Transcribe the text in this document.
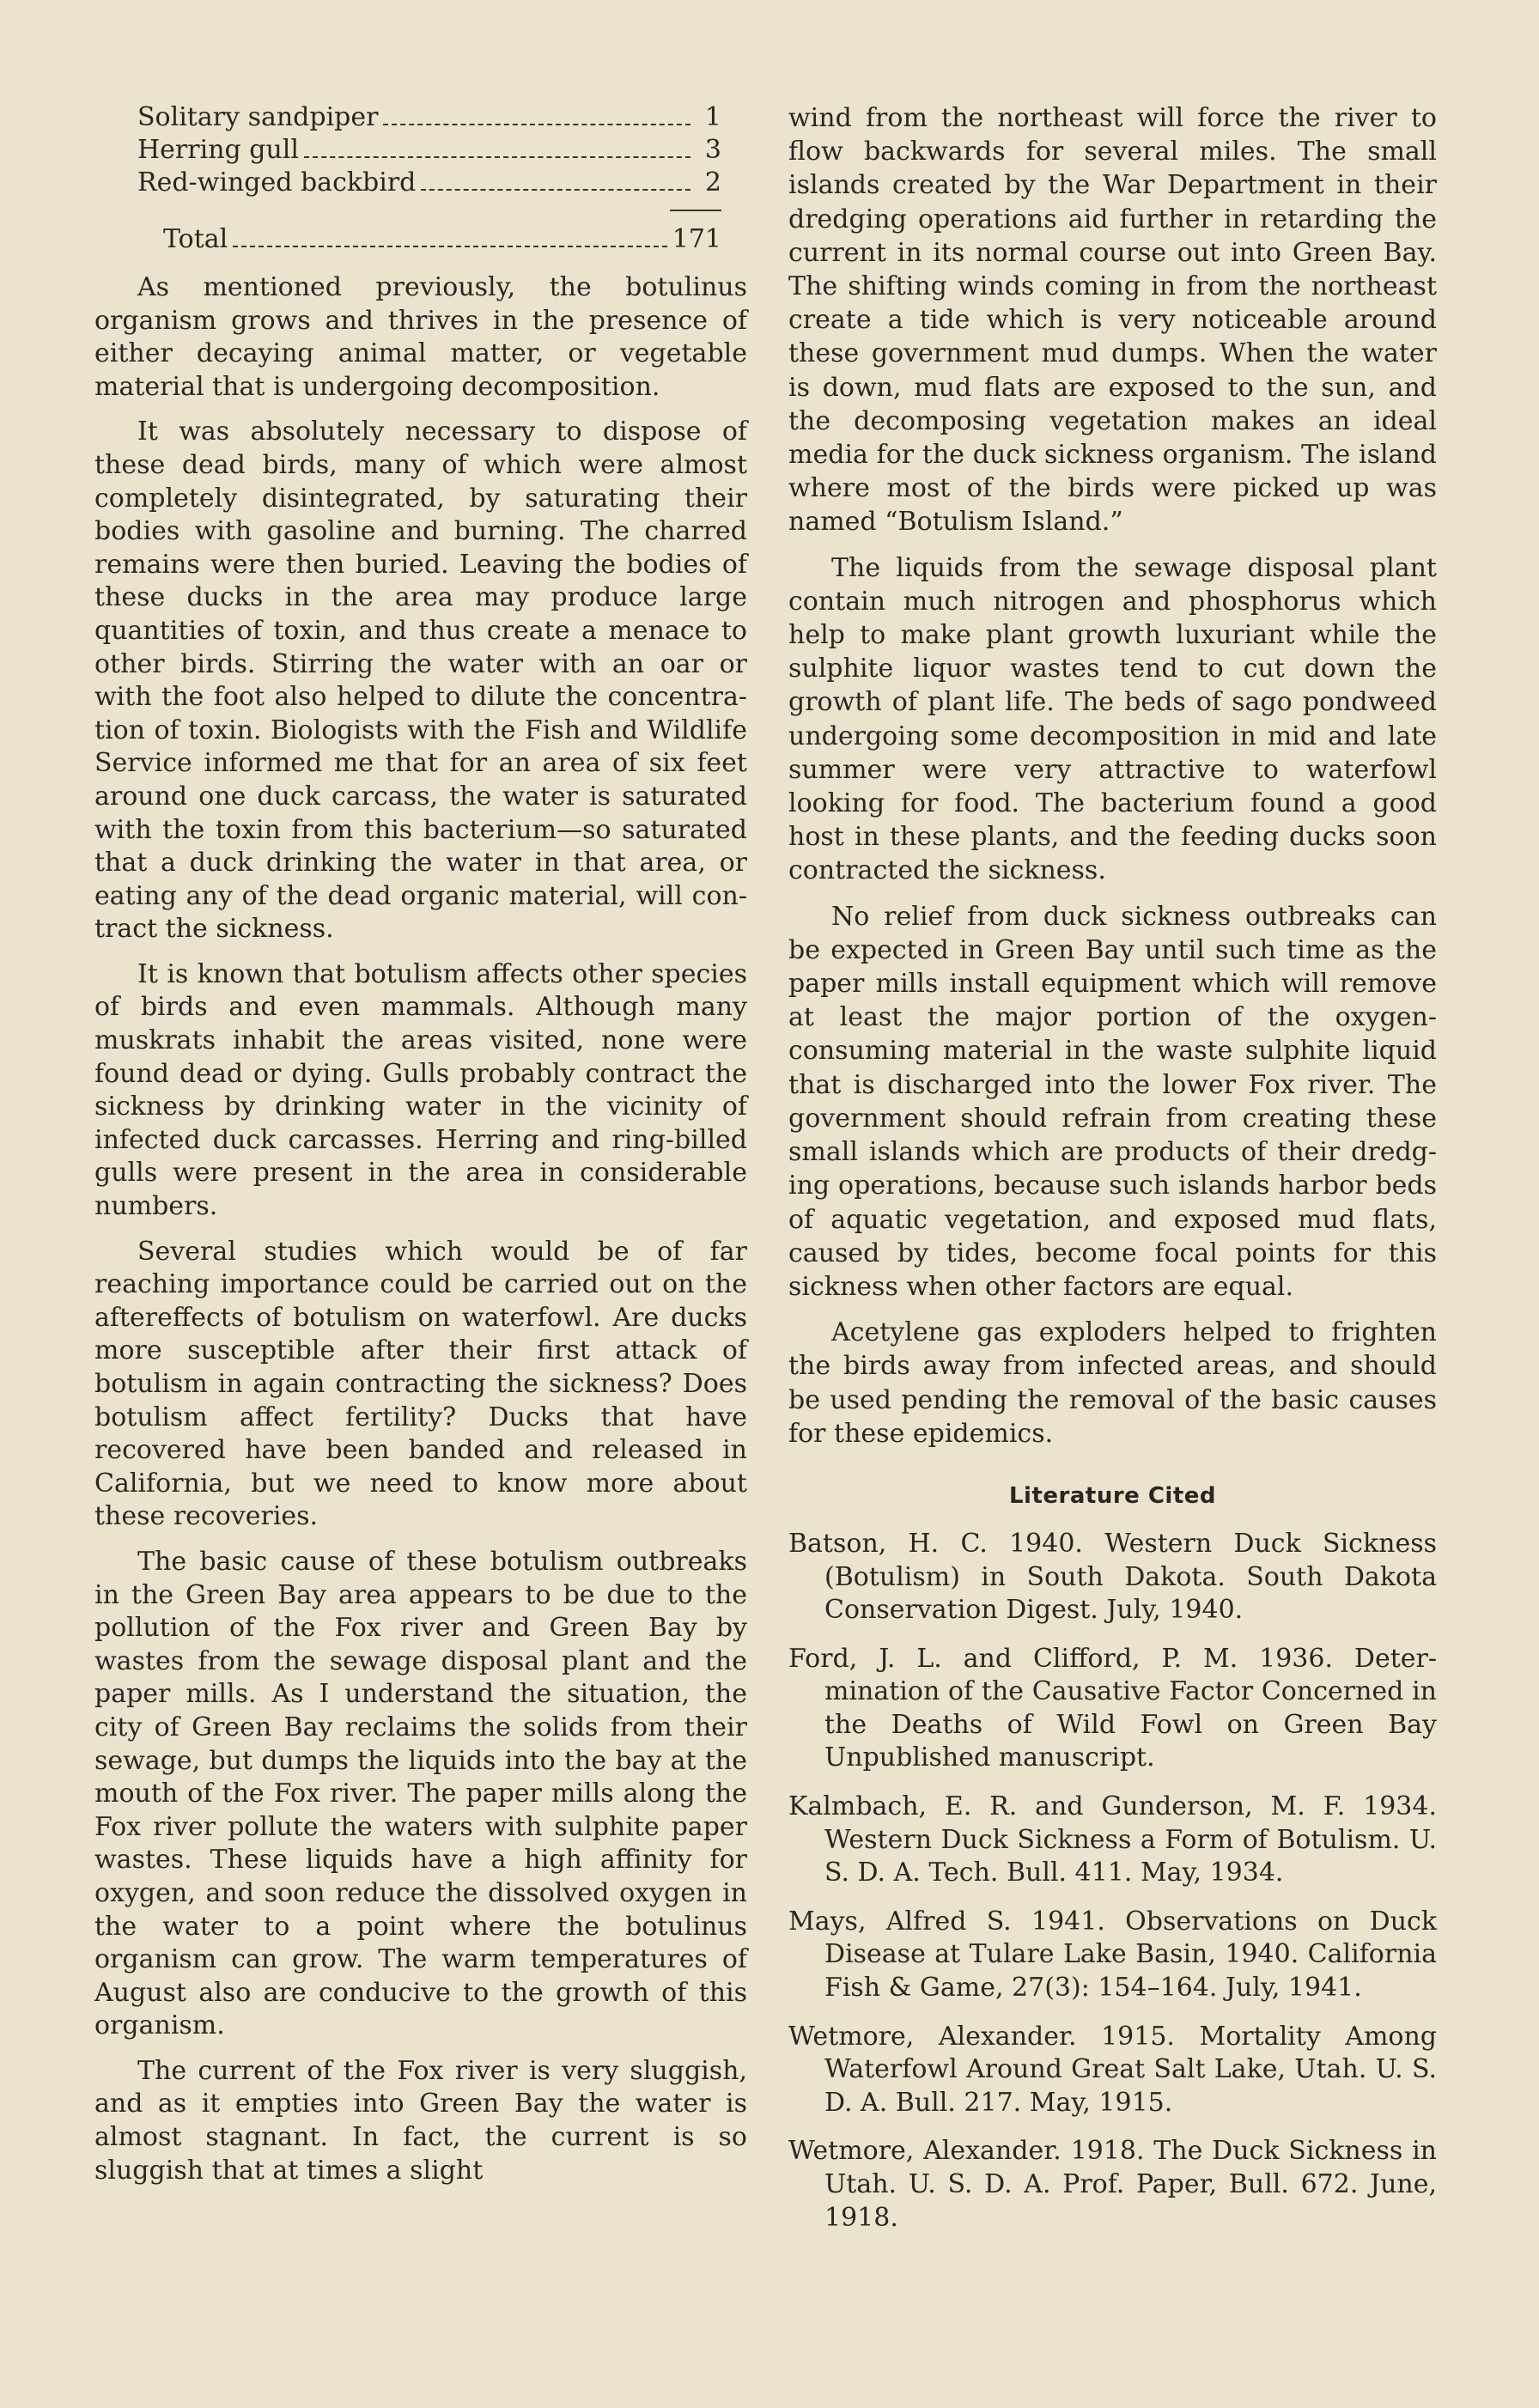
Solitary sandpiper	1
Herring gull	3
Red-winged backbird	2
Total	171

As mentioned previously, the botulinus organism grows and thrives in the presence of either decaying animal matter, or vegetable material that is undergoing decomposition.

It was absolutely necessary to dispose of these dead birds, many of which were almost completely disintegrated, by saturating their bodies with gasoline and burning. The charred remains were then buried. Leaving the bodies of these ducks in the area may produce large quantities of toxin, and thus create a menace to other birds. Stirring the water with an oar or with the foot also helped to dilute the concentration of toxin. Biologists with the Fish and Wildlife Service informed me that for an area of six feet around one duck carcass, the water is saturated with the toxin from this bacterium—so saturated that a duck drinking the water in that area, or eating any of the dead organic material, will contract the sickness.

It is known that botulism affects other species of birds and even mammals. Although many muskrats inhabit the areas visited, none were found dead or dying. Gulls probably contract the sickness by drinking water in the vicinity of infected duck carcasses. Herring and ring-billed gulls were present in the area in considerable numbers.

Several studies which would be of far reaching importance could be carried out on the aftereffects of botulism on waterfowl. Are ducks more susceptible after their first attack of botulism in again contracting the sickness? Does botulism affect fertility? Ducks that have recovered have been banded and released in California, but we need to know more about these recoveries.

The basic cause of these botulism outbreaks in the Green Bay area appears to be due to the pollution of the Fox river and Green Bay by wastes from the sewage disposal plant and the paper mills. As I understand the situation, the city of Green Bay reclaims the solids from their sewage, but dumps the liquids into the bay at the mouth of the Fox river. The paper mills along the Fox river pollute the waters with sulphite paper wastes. These liquids have a high affinity for oxygen, and soon reduce the dissolved oxygen in the water to a point where the botulinus organism can grow. The warm temperatures of August also are conducive to the growth of this organism.

The current of the Fox river is very sluggish, and as it empties into Green Bay the water is almost stagnant. In fact, the current is so sluggish that at times a slight

wind from the northeast will force the river to flow backwards for several miles. The small islands created by the War Department in their dredging operations aid further in retarding the current in its normal course out into Green Bay. The shifting winds coming in from the northeast create a tide which is very noticeable around these government mud dumps. When the water is down, mud flats are exposed to the sun, and the decomposing vegetation makes an ideal media for the duck sickness organism. The island where most of the birds were picked up was named “Botulism Island.”

The liquids from the sewage disposal plant contain much nitrogen and phosphorus which help to make plant growth luxuriant while the sulphite liquor wastes tend to cut down the growth of plant life. The beds of sago pondweed undergoing some decomposition in mid and late summer were very attractive to waterfowl looking for food. The bacterium found a good host in these plants, and the feeding ducks soon contracted the sickness.

No relief from duck sickness outbreaks can be expected in Green Bay until such time as the paper mills install equipment which will remove at least the major portion of the oxygen-consuming material in the waste sulphite liquid that is discharged into the lower Fox river. The government should refrain from creating these small islands which are products of their dredging operations, because such islands harbor beds of aquatic vegetation, and exposed mud flats, caused by tides, become focal points for this sickness when other factors are equal.

Acetylene gas exploders helped to frighten the birds away from infected areas, and should be used pending the removal of the basic causes for these epidemics.

Literature Cited

Batson, H. C. 1940. Western Duck Sickness (Botulism) in South Dakota. South Dakota Conservation Digest. July, 1940.

Ford, J. L. and Clifford, P. M. 1936. Determination of the Causative Factor Concerned in the Deaths of Wild Fowl on Green Bay Unpublished manuscript.

Kalmbach, E. R. and Gunderson, M. F. 1934. Western Duck Sickness a Form of Botulism. U. S. D. A. Tech. Bull. 411. May, 1934.

Mays, Alfred S. 1941. Observations on Duck Disease at Tulare Lake Basin, 1940. California Fish & Game, 27(3): 154–164. July, 1941.

Wetmore, Alexander. 1915. Mortality Among Waterfowl Around Great Salt Lake, Utah. U. S. D. A. Bull. 217. May, 1915.

Wetmore, Alexander. 1918. The Duck Sickness in Utah. U. S. D. A. Prof. Paper, Bull. 672. June, 1918.
